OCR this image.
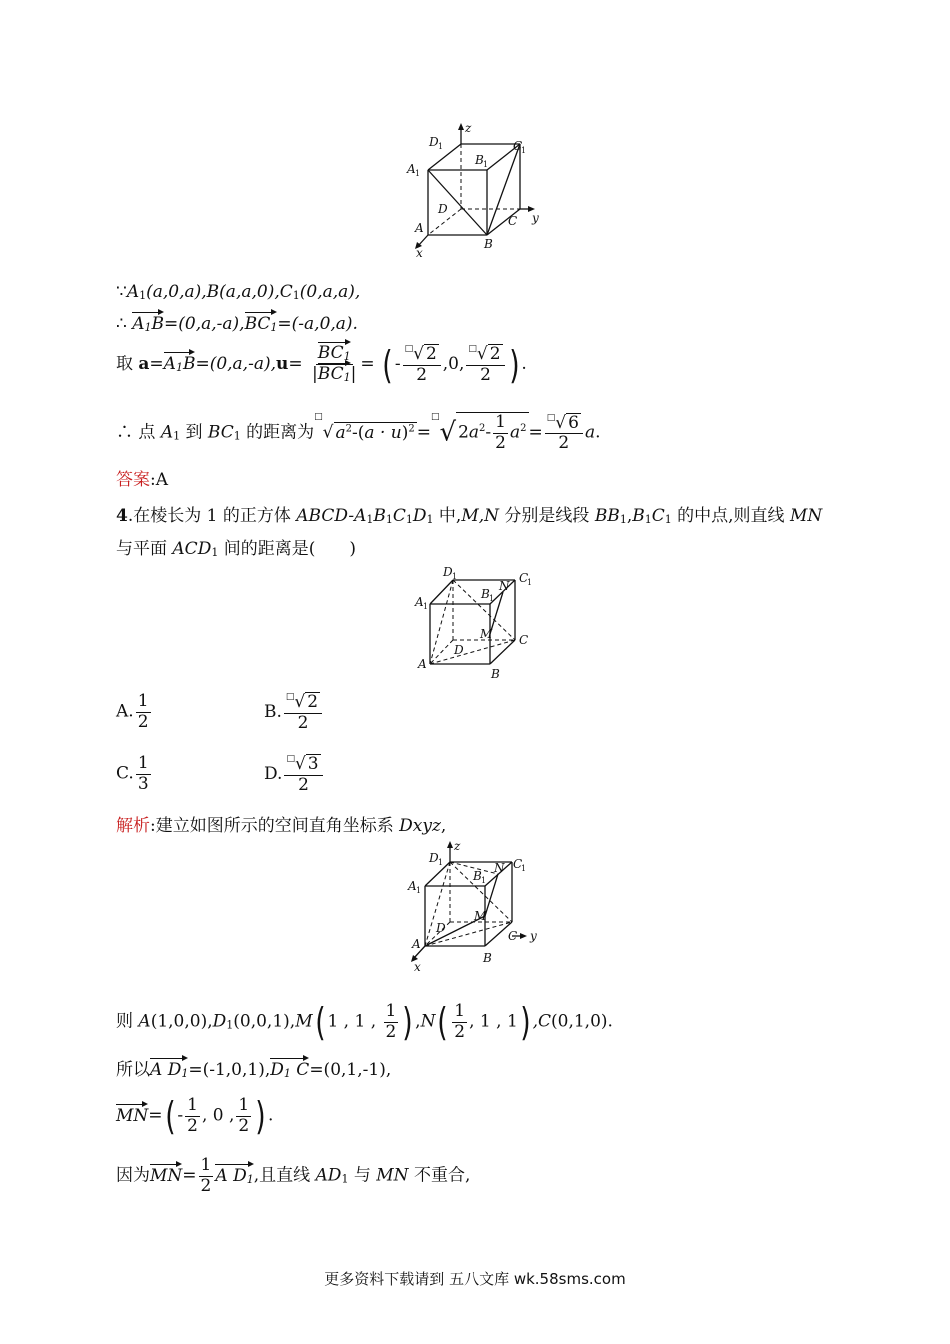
z
y
x
D 1	C
1
A 1
B 1
D
A
B
C
$\because A_1(a,0,a),B(a,a,0),C_1(0,a,a)$,
∴ $A_1B=(0,a,-a),BC_1=(-a,0,a)$.
取 $a=A_1B=(0,a,-a),u= \frac{BC_1}{|BC_1|}$ = ( - $\frac{^□√ 2}{2} ,0$, $\frac{^□√ 2}{2}$ ) .
∴ 点 $A_1$ 到 $BC_1$ 的距离为□√ $a^2-(a \cdot u)^2 =^□√$ $2a^2- \frac{1}{2} a^2 = \frac{^□√ 6}{2} a$.
答案:A
4.在棱长为 1 的正方体 ABCD-$A_1B_1C_1D_1$ 中,M,N 分别是线段 $BB_1,B_1C_1$ 的中点,则直线 MN
与平面 $ACD_1$ 间的距离是(　　)
D 1	C
1
A 1
B 1
N
M C
D
A
B
A. $\frac{1}{2}$	B. $\frac{^□√ 2}{2}$
C. $\frac{1}{3}$	D. $\frac{^□√ 3}{2}$
解析:建立如图所示的空间直角坐标系 Dxyz,
z
y
x
D 1	C
1
A 1
B 1
N
M
D
A
B
C
则 $A(1,0,0),D_1(0,0,1),M$( 1 , 1 , $\frac{1}{2}$ ) $,N( \frac{1}{2}$ , 1 , 1) ,C(0,1,0).
所以A $D_1=(-1,0,1),D_1$ C=(0,1,-1),
$MN=( - \frac{1}{2}$ , 0 , $\frac{1}{2}$ ) .
因为$MN= \frac{1}{2}$ A $D_1$,且直线 $AD_1$ 与 MN 不重合,
更多资料下载请到 五八文库 wk.58sms.com
